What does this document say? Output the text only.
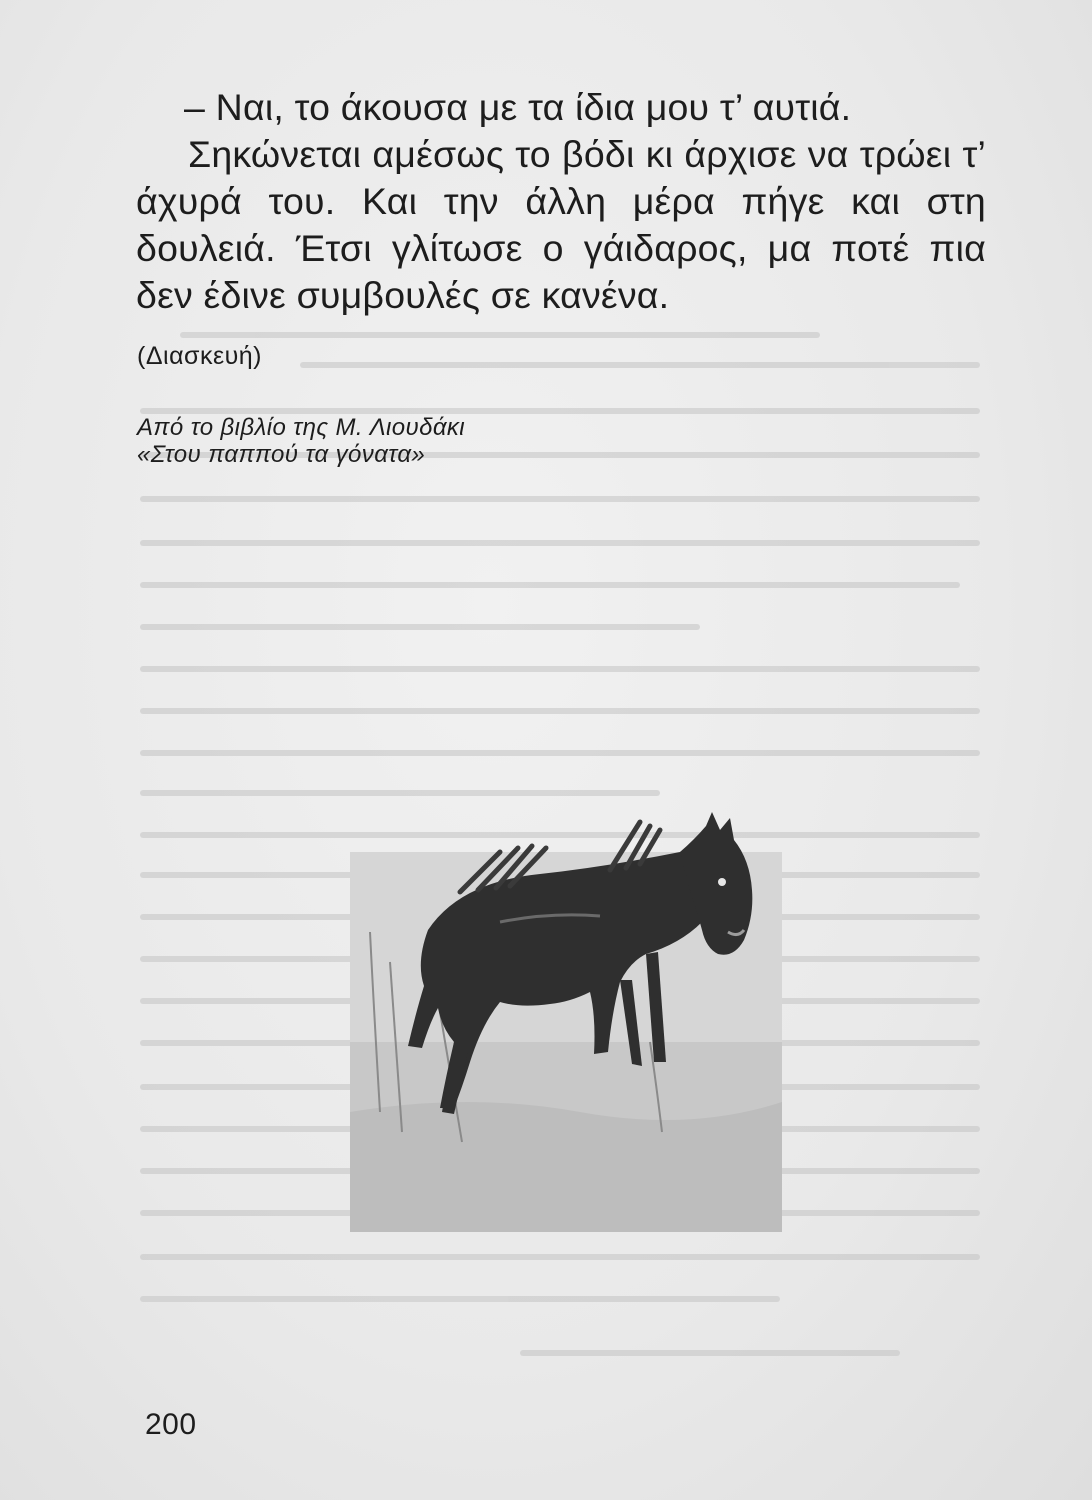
– Ναι, το άκουσα με τα ίδια μου τ’ αυτιά.

Σηκώνεται αμέσως το βόδι κι άρχισε να τρώει τ’ άχυρά του. Και την άλλη μέρα πήγε και στη δουλειά. Έτσι γλίτωσε ο γάιδαρος, μα ποτέ πια δεν έδινε συμβουλές σε κανένα.

(Διασκευή)
Από το βιβλίο της Μ. Λιουδάκι
«Στου παππού τα γόνατα»
200
